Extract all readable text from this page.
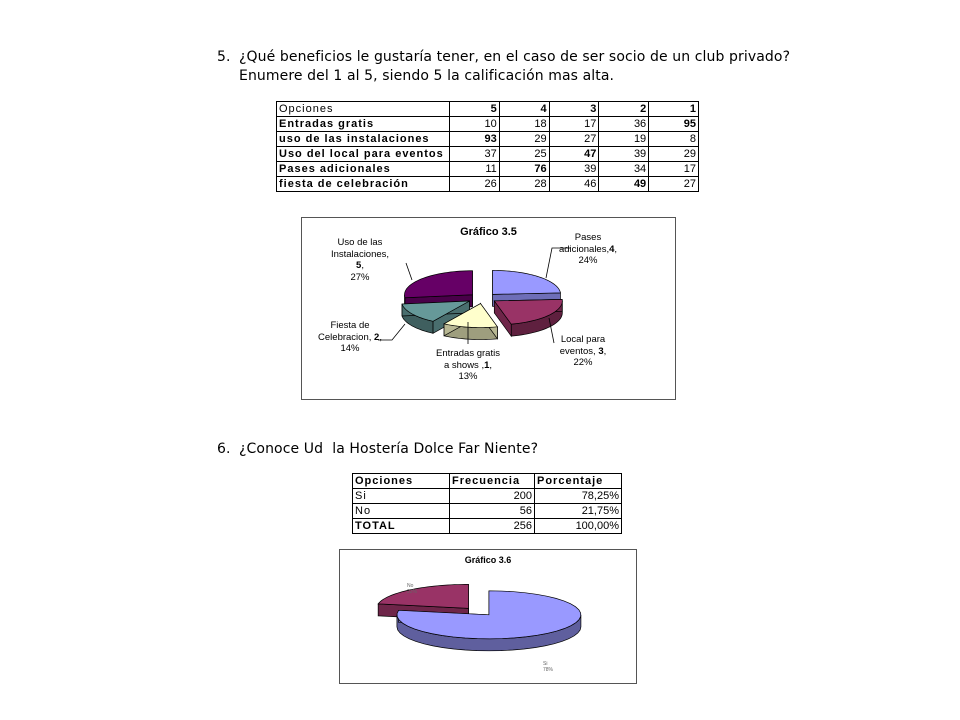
5. ¿Qué beneficios le gustaría tener, en el caso de ser socio de un club privado?
Enumere del 1 al 5, siendo 5 la calificación mas alta.
Opciones	5	4	3	2	1
Entradas gratis	10	18	17	36	95
uso de las instalaciones	93	29	27	19	8
Uso del local para eventos	37	25	47	39	29
Pases adicionales	11	76	39	34	17
fiesta de celebración	26	28	46	49	27
Gráfico 3.5	Pases
adicionales,4,
24%
Local para
eventos, 3,
22%
Entradas gratis
a shows ,1,
13%
Fiesta de
Celebracion, 2,
14%
Uso de las
Instalaciones,
5,
27%
6. ¿Conoce Ud  la Hostería Dolce Far Niente?
Opciones	Frecuencia	Porcentaje
Si	200	78,25%
No	56	21,75%
TOTAL	256	100,00%
Gráfico 3.6
No
22%
Si
78%
